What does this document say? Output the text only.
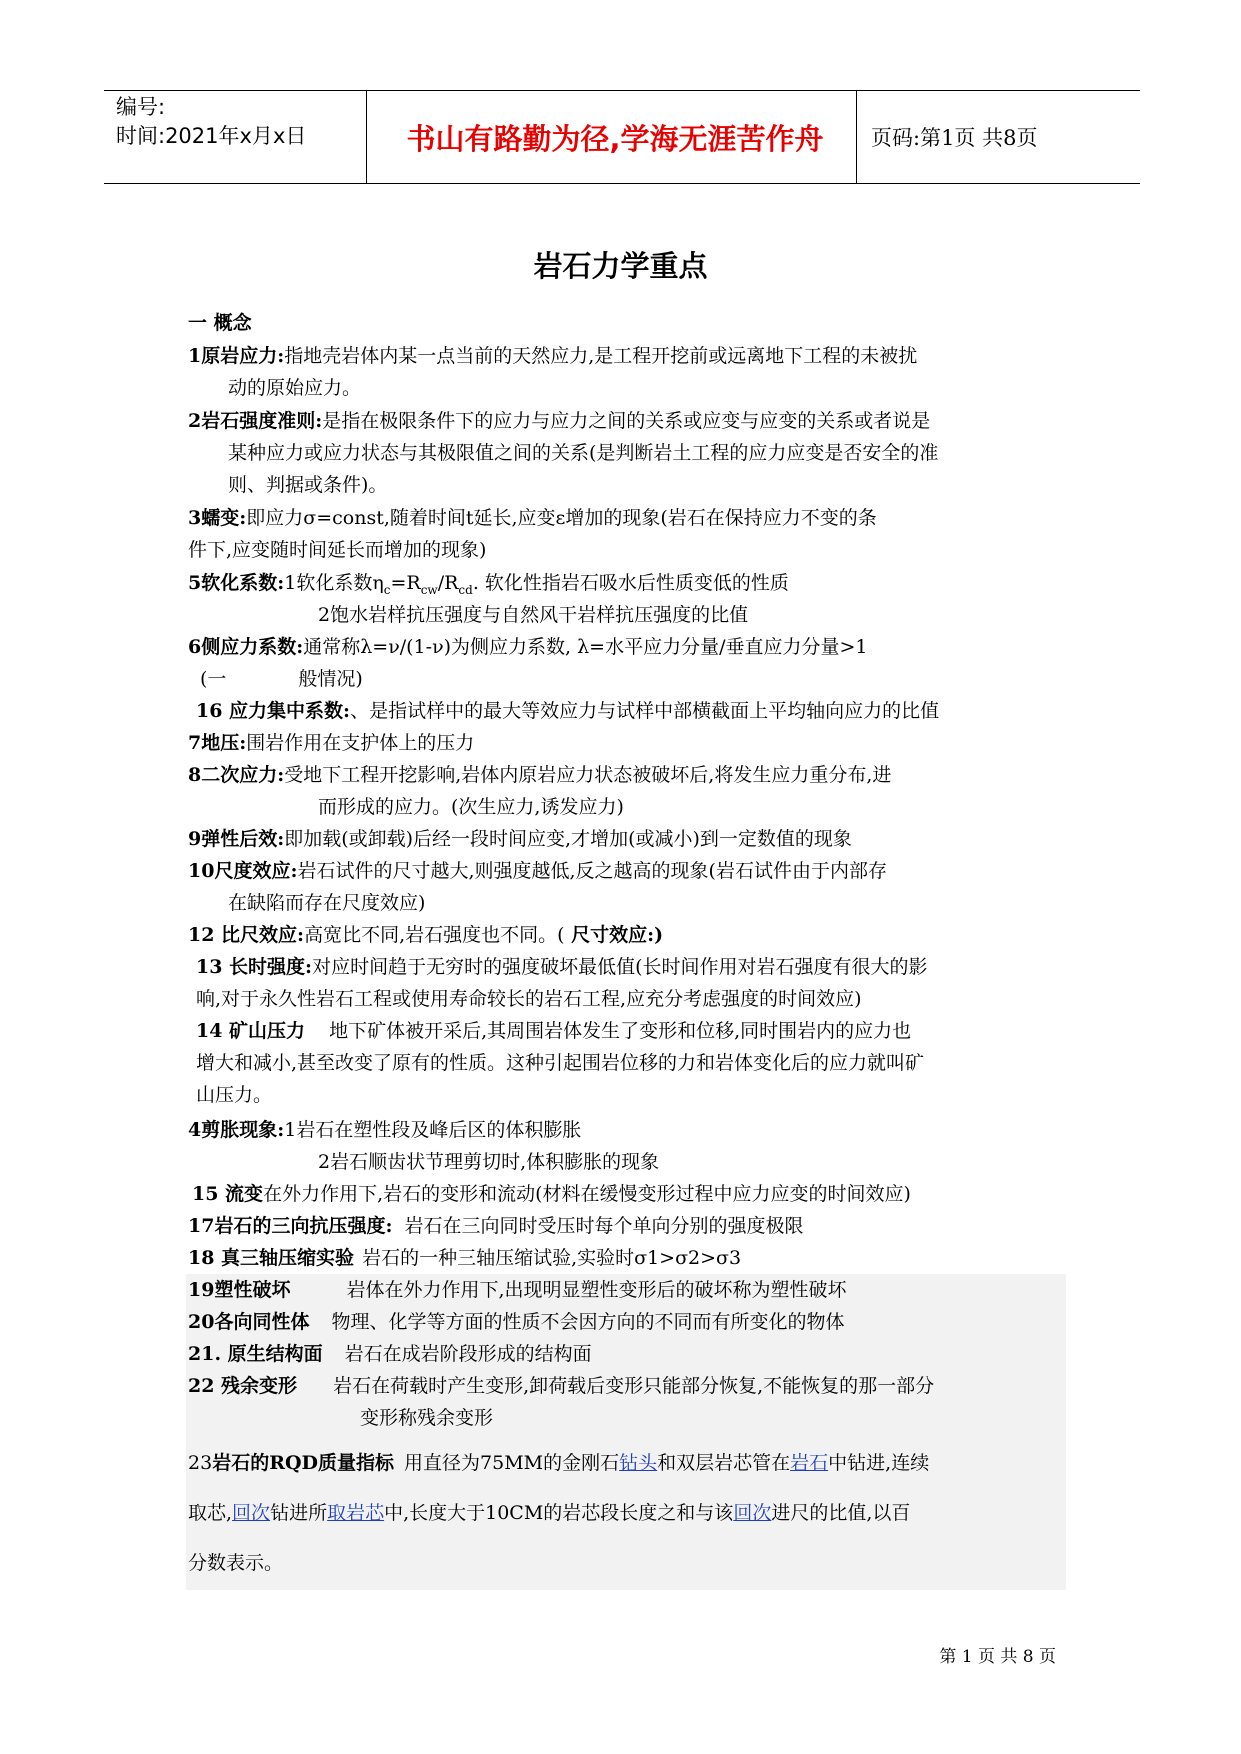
编号:
时间:2021年x月x日	书山有路勤为径,学海无涯苦作舟	页码:第1页 共8页
岩石力学重点
一 概念
1原岩应力:指地壳岩体内某一点当前的天然应力,是工程开挖前或远离地下工程的未被扰
动的原始应力。
2岩石强度准则:是指在极限条件下的应力与应力之间的关系或应变与应变的关系或者说是
某种应力或应力状态与其极限值之间的关系(是判断岩土工程的应力应变是否安全的准
则、判据或条件)。
3蠕变:即应力σ=const,随着时间t延长,应变ε增加的现象(岩石在保持应力不变的条
件下,应变随时间延长而增加的现象)
5软化系数:1软化系数$\eta_c=R_{cw}/R_{cd}$. 软化性指岩石吸水后性质变低的性质
2饱水岩样抗压强度与自然风干岩样抗压强度的比值
6侧应力系数:通常称λ=ν/(1-ν)为侧应力系数, λ=水平应力分量/垂直应力分量>1
(一	般情况)
16 应力集中系数:、是指试样中的最大等效应力与试样中部横截面上平均轴向应力的比值
7地压:围岩作用在支护体上的压力
8二次应力:受地下工程开挖影响,岩体内原岩应力状态被破坏后,将发生应力重分布,进
而形成的应力。(次生应力,诱发应力)
9弹性后效:即加载(或卸载)后经一段时间应变,才增加(或减小)到一定数值的现象
10尺度效应:岩石试件的尺寸越大,则强度越低,反之越高的现象(岩石试件由于内部存
在缺陷而存在尺度效应)
12 比尺效应:高宽比不同,岩石强度也不同。( 尺寸效应:)
13 长时强度:对应时间趋于无穷时的强度破坏最低值(长时间作用对岩石强度有很大的影
响,对于永久性岩石工程或使用寿命较长的岩石工程,应充分考虑强度的时间效应)
14 矿山压力 地下矿体被开采后,其周围岩体发生了变形和位移,同时围岩内的应力也
增大和减小,甚至改变了原有的性质。这种引起围岩位移的力和岩体变化后的应力就叫矿
山压力。
4剪胀现象:1岩石在塑性段及峰后区的体积膨胀
2岩石顺齿状节理剪切时,体积膨胀的现象
15 流变在外力作用下,岩石的变形和流动(材料在缓慢变形过程中应力应变的时间效应)
17岩石的三向抗压强度: 岩石在三向同时受压时每个单向分别的强度极限
18 真三轴压缩实验 岩石的一种三轴压缩试验,实验时σ1>σ2>σ3
19塑性破坏	岩体在外力作用下,出现明显塑性变形后的破坏称为塑性破坏
20各向同性体 物理、化学等方面的性质不会因方向的不同而有所变化的物体
21. 原生结构面 岩石在成岩阶段形成的结构面
22 残余变形 岩石在荷载时产生变形,卸荷载后变形只能部分恢复,不能恢复的那一部分
变形称残余变形
23岩石的RQD质量指标 用直径为75MM的金刚石钻头和双层岩芯管在岩石中钻进,连续
取芯,回次钻进所取岩芯中,长度大于10CM的岩芯段长度之和与该回次进尺的比值,以百
分数表示。
第 1 页 共 8 页
